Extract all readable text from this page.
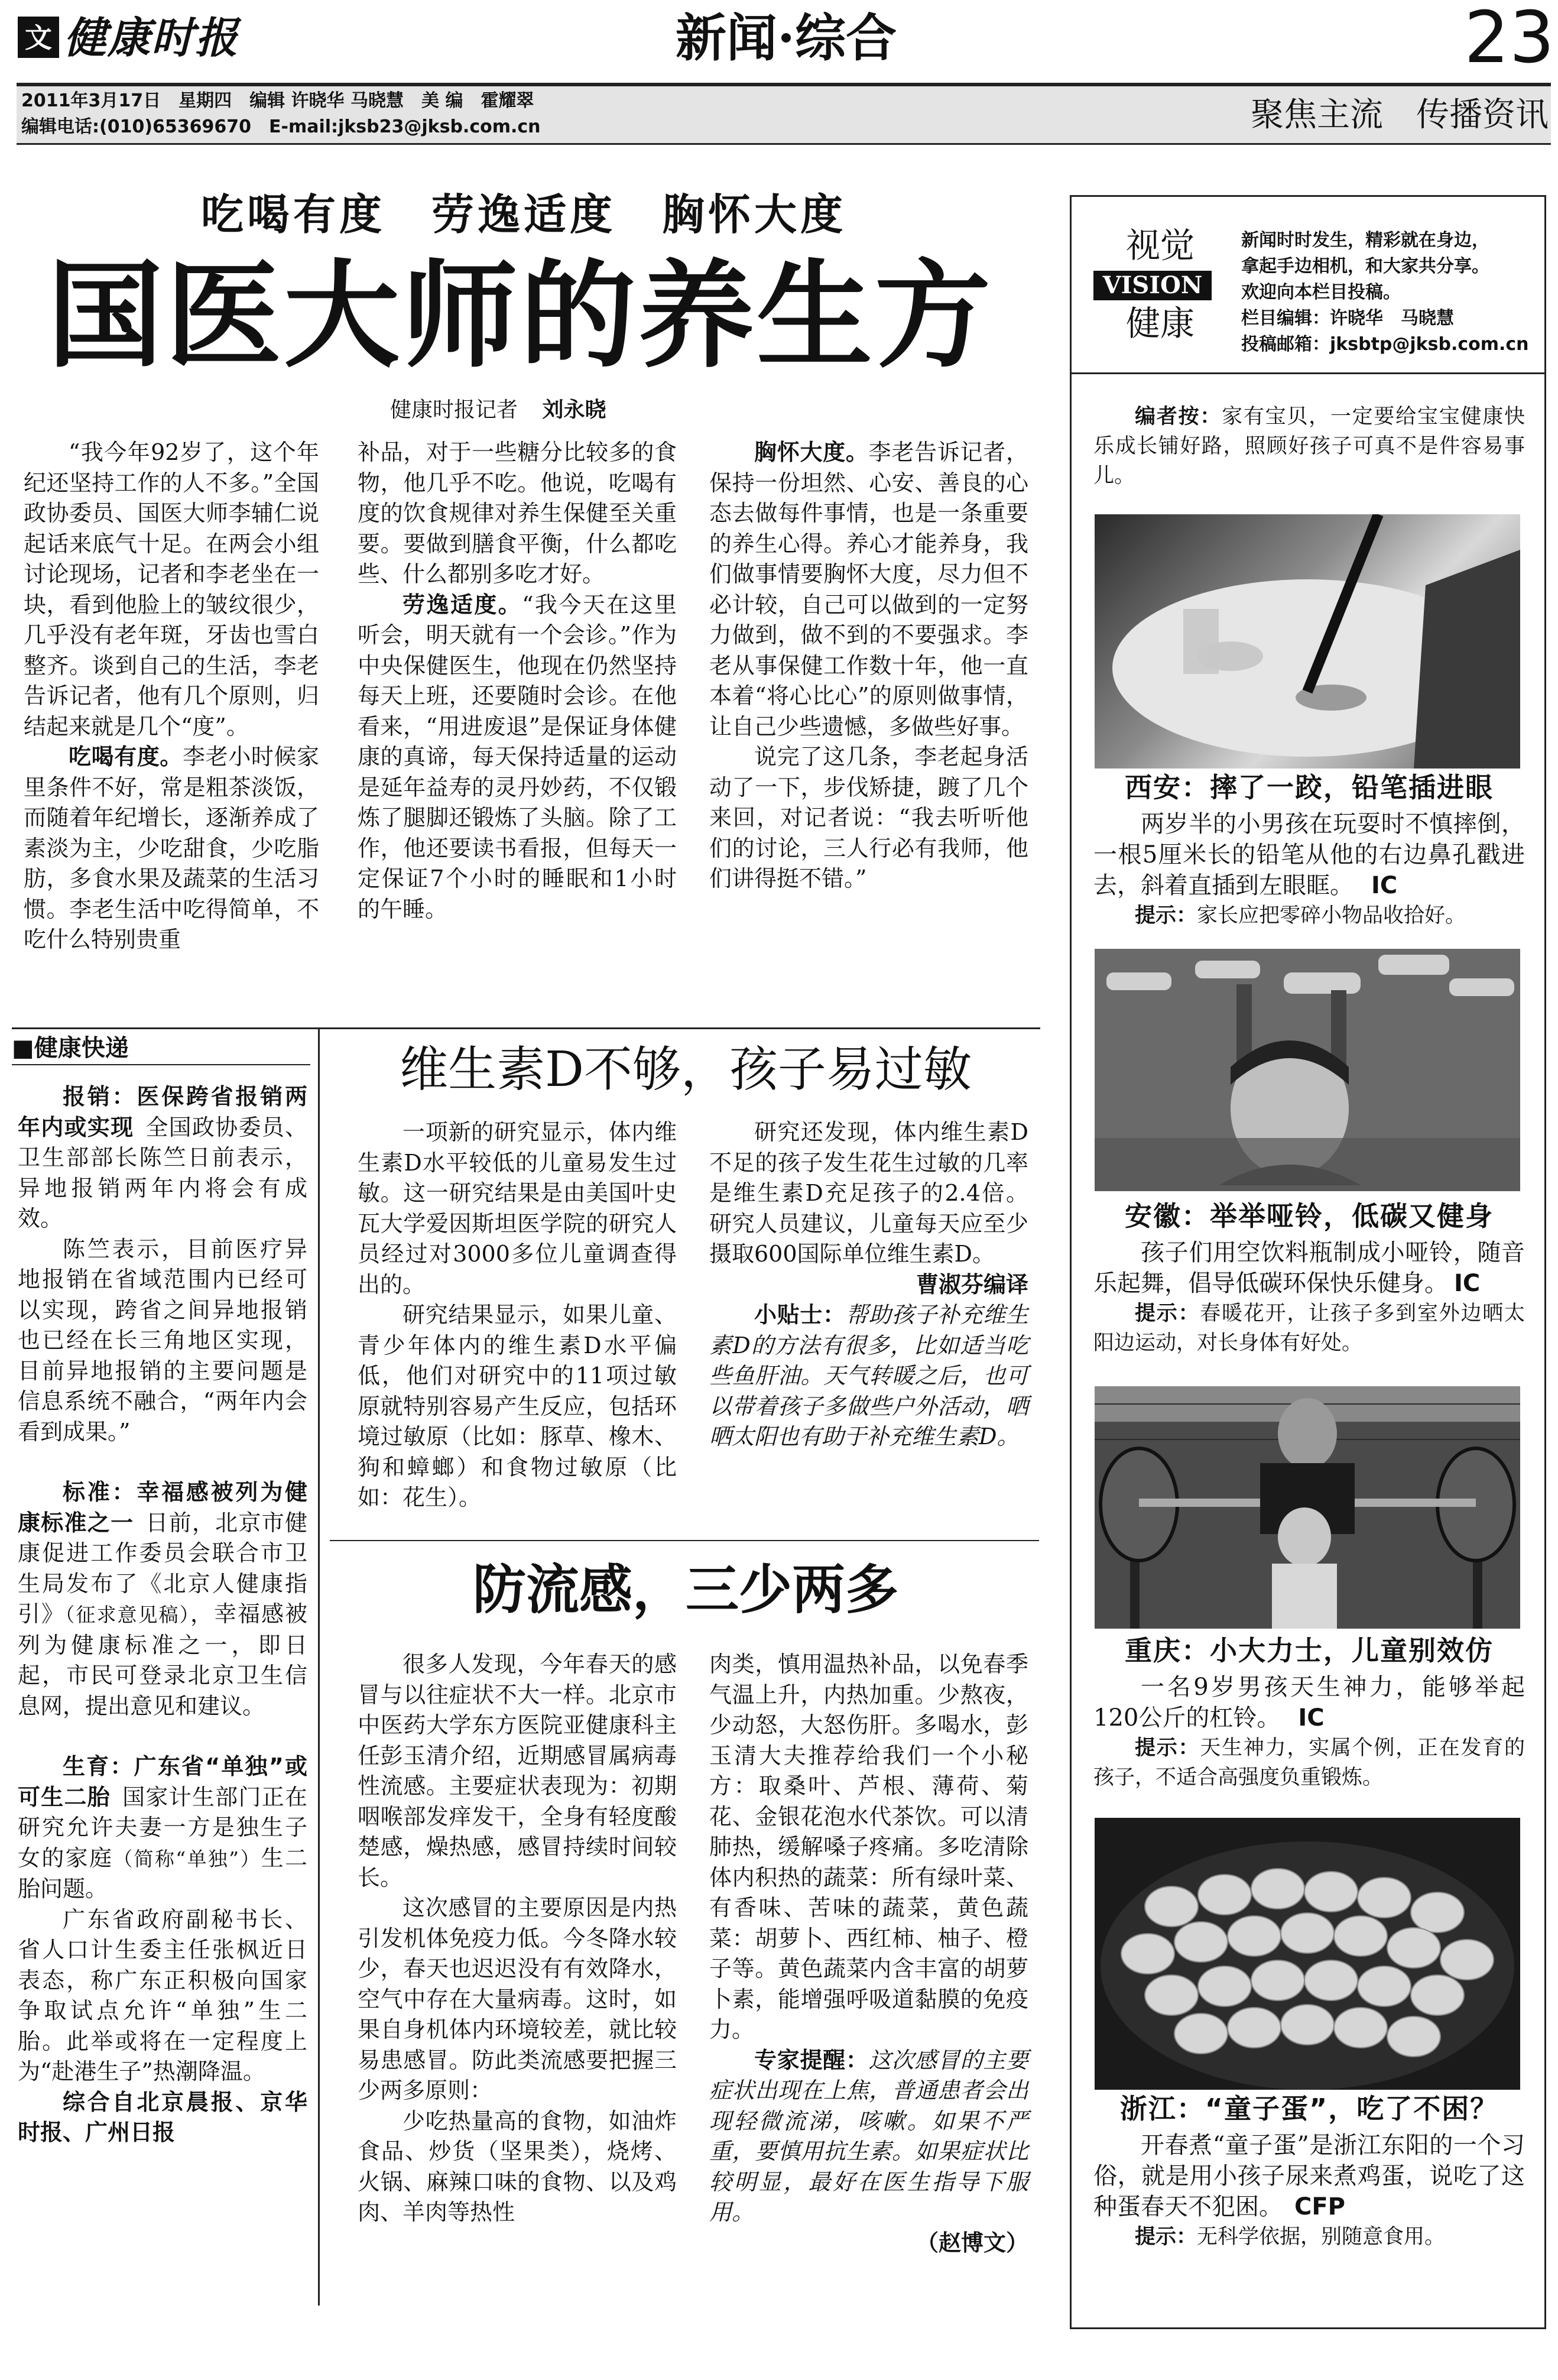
文 健康时报	新闻·综合	23
2011年3月17日　星期四　编辑 许晓华 马晓慧　美 编　霍耀翠
编辑电话:(010)65369670　E-mail:jksb23@jksb.com.cn	聚焦主流　传播资讯
吃喝有度　劳逸适度　胸怀大度
国医大师的养生方
健康时报记者 刘永晓

“我今年92岁了，这个年纪还坚持工作的人不多。”全国政协委员、国医大师李辅仁说起话来底气十足。在两会小组讨论现场，记者和李老坐在一块，看到他脸上的皱纹很少，几乎没有老年斑，牙齿也雪白整齐。谈到自己的生活，李老告诉记者，他有几个原则，归结起来就是几个“度”。

吃喝有度。李老小时候家里条件不好，常是粗茶淡饭，而随着年纪增长，逐渐养成了素淡为主，少吃甜食，少吃脂肪，多食水果及蔬菜的生活习惯。李老生活中吃得简单，不吃什么特别贵重

补品，对于一些糖分比较多的食物，他几乎不吃。他说，吃喝有度的饮食规律对养生保健至关重要。要做到膳食平衡，什么都吃些、什么都别多吃才好。

劳逸适度。“我今天在这里听会，明天就有一个会诊。”作为中央保健医生，他现在仍然坚持每天上班，还要随时会诊。在他看来，“用进废退”是保证身体健康的真谛，每天保持适量的运动是延年益寿的灵丹妙药，不仅锻炼了腿脚还锻炼了头脑。除了工作，他还要读书看报，但每天一定保证7个小时的睡眠和1小时的午睡。

胸怀大度。李老告诉记者，保持一份坦然、心安、善良的心态去做每件事情，也是一条重要的养生心得。养心才能养身，我们做事情要胸怀大度，尽力但不必计较，自己可以做到的一定努力做到，做不到的不要强求。李老从事保健工作数十年，他一直本着“将心比心”的原则做事情，让自己少些遗憾，多做些好事。

说完了这几条，李老起身活动了一下，步伐矫捷，踱了几个来回，对记者说：“我去听听他们的讨论，三人行必有我师，他们讲得挺不错。”

■健康快递

报销：医保跨省报销两年内或实现 全国政协委员、卫生部部长陈竺日前表示，异地报销两年内将会有成效。

陈竺表示，目前医疗异地报销在省域范围内已经可以实现，跨省之间异地报销也已经在长三角地区实现，目前异地报销的主要问题是信息系统不融合，“两年内会看到成果。”

标准：幸福感被列为健康标准之一 日前，北京市健康促进工作委员会联合市卫生局发布了《北京人健康指引》（征求意见稿），幸福感被列为健康标准之一，即日起，市民可登录北京卫生信息网，提出意见和建议。

生育：广东省“单独”或可生二胎 国家计生部门正在研究允许夫妻一方是独生子女的家庭（简称“单独”）生二胎问题。

广东省政府副秘书长、省人口计生委主任张枫近日表态，称广东正积极向国家争取试点允许“单独”生二胎。此举或将在一定程度上为“赴港生子”热潮降温。

综合自北京晨报、京华时报、广州日报

维生素D不够，孩子易过敏

一项新的研究显示，体内维生素D水平较低的儿童易发生过敏。这一研究结果是由美国叶史瓦大学爱因斯坦医学院的研究人员经过对3000多位儿童调查得出的。

研究结果显示，如果儿童、青少年体内的维生素D水平偏低，他们对研究中的11项过敏原就特别容易产生反应，包括环境过敏原（比如：豚草、橡木、狗和蟑螂）和食物过敏原（比如：花生）。

研究还发现，体内维生素D不足的孩子发生花生过敏的几率是维生素D充足孩子的2.4倍。研究人员建议，儿童每天应至少摄取600国际单位维生素D。

曹淑芬编译

小贴士：帮助孩子补充维生素D的方法有很多，比如适当吃些鱼肝油。天气转暖之后，也可以带着孩子多做些户外活动，晒晒太阳也有助于补充维生素D。

防流感，三少两多

很多人发现，今年春天的感冒与以往症状不大一样。北京市中医药大学东方医院亚健康科主任彭玉清介绍，近期感冒属病毒性流感。主要症状表现为：初期咽喉部发痒发干，全身有轻度酸楚感，燥热感，感冒持续时间较长。

这次感冒的主要原因是内热引发机体免疫力低。今冬降水较少，春天也迟迟没有有效降水，空气中存在大量病毒。这时，如果自身机体内环境较差，就比较易患感冒。防此类流感要把握三少两多原则：

少吃热量高的食物，如油炸食品、炒货（坚果类），烧烤、火锅、麻辣口味的食物、以及鸡肉、羊肉等热性

肉类，慎用温热补品，以免春季气温上升，内热加重。少熬夜，少动怒，大怒伤肝。多喝水，彭玉清大夫推荐给我们一个小秘方：取桑叶、芦根、薄荷、菊花、金银花泡水代茶饮。可以清肺热，缓解嗓子疼痛。多吃清除体内积热的蔬菜：所有绿叶菜、有香味、苦味的蔬菜，黄色蔬菜：胡萝卜、西红柿、柚子、橙子等。黄色蔬菜内含丰富的胡萝卜素，能增强呼吸道黏膜的免疫力。

专家提醒：这次感冒的主要症状出现在上焦，普通患者会出现轻微流涕，咳嗽。如果不严重，要慎用抗生素。如果症状比较明显，最好在医生指导下服用。

（赵博文）

视觉
VISION
健康
新闻时时发生，精彩就在身边，
拿起手边相机，和大家共分享。
欢迎向本栏目投稿。
栏目编辑：许晓华　马晓慧
投稿邮箱：jksbtp@jksb.com.cn

编者按：家有宝贝，一定要给宝宝健康快乐成长铺好路，照顾好孩子可真不是件容易事儿。

西安：摔了一跤，铅笔插进眼

两岁半的小男孩在玩耍时不慎摔倒，一根5厘米长的铅笔从他的右边鼻孔戳进去，斜着直插到左眼眶。 IC

提示：家长应把零碎小物品收拾好。

安徽：举举哑铃，低碳又健身

孩子们用空饮料瓶制成小哑铃，随音乐起舞，倡导低碳环保快乐健身。 IC

提示：春暖花开，让孩子多到室外边晒太阳边运动，对长身体有好处。

重庆：小大力士，儿童别效仿

一名9岁男孩天生神力，能够举起120公斤的杠铃。 IC

提示：天生神力，实属个例，正在发育的孩子，不适合高强度负重锻炼。

浙江：“童子蛋”，吃了不困？

开春煮“童子蛋”是浙江东阳的一个习俗，就是用小孩子尿来煮鸡蛋，说吃了这种蛋春天不犯困。 CFP

提示：无科学依据，别随意食用。
